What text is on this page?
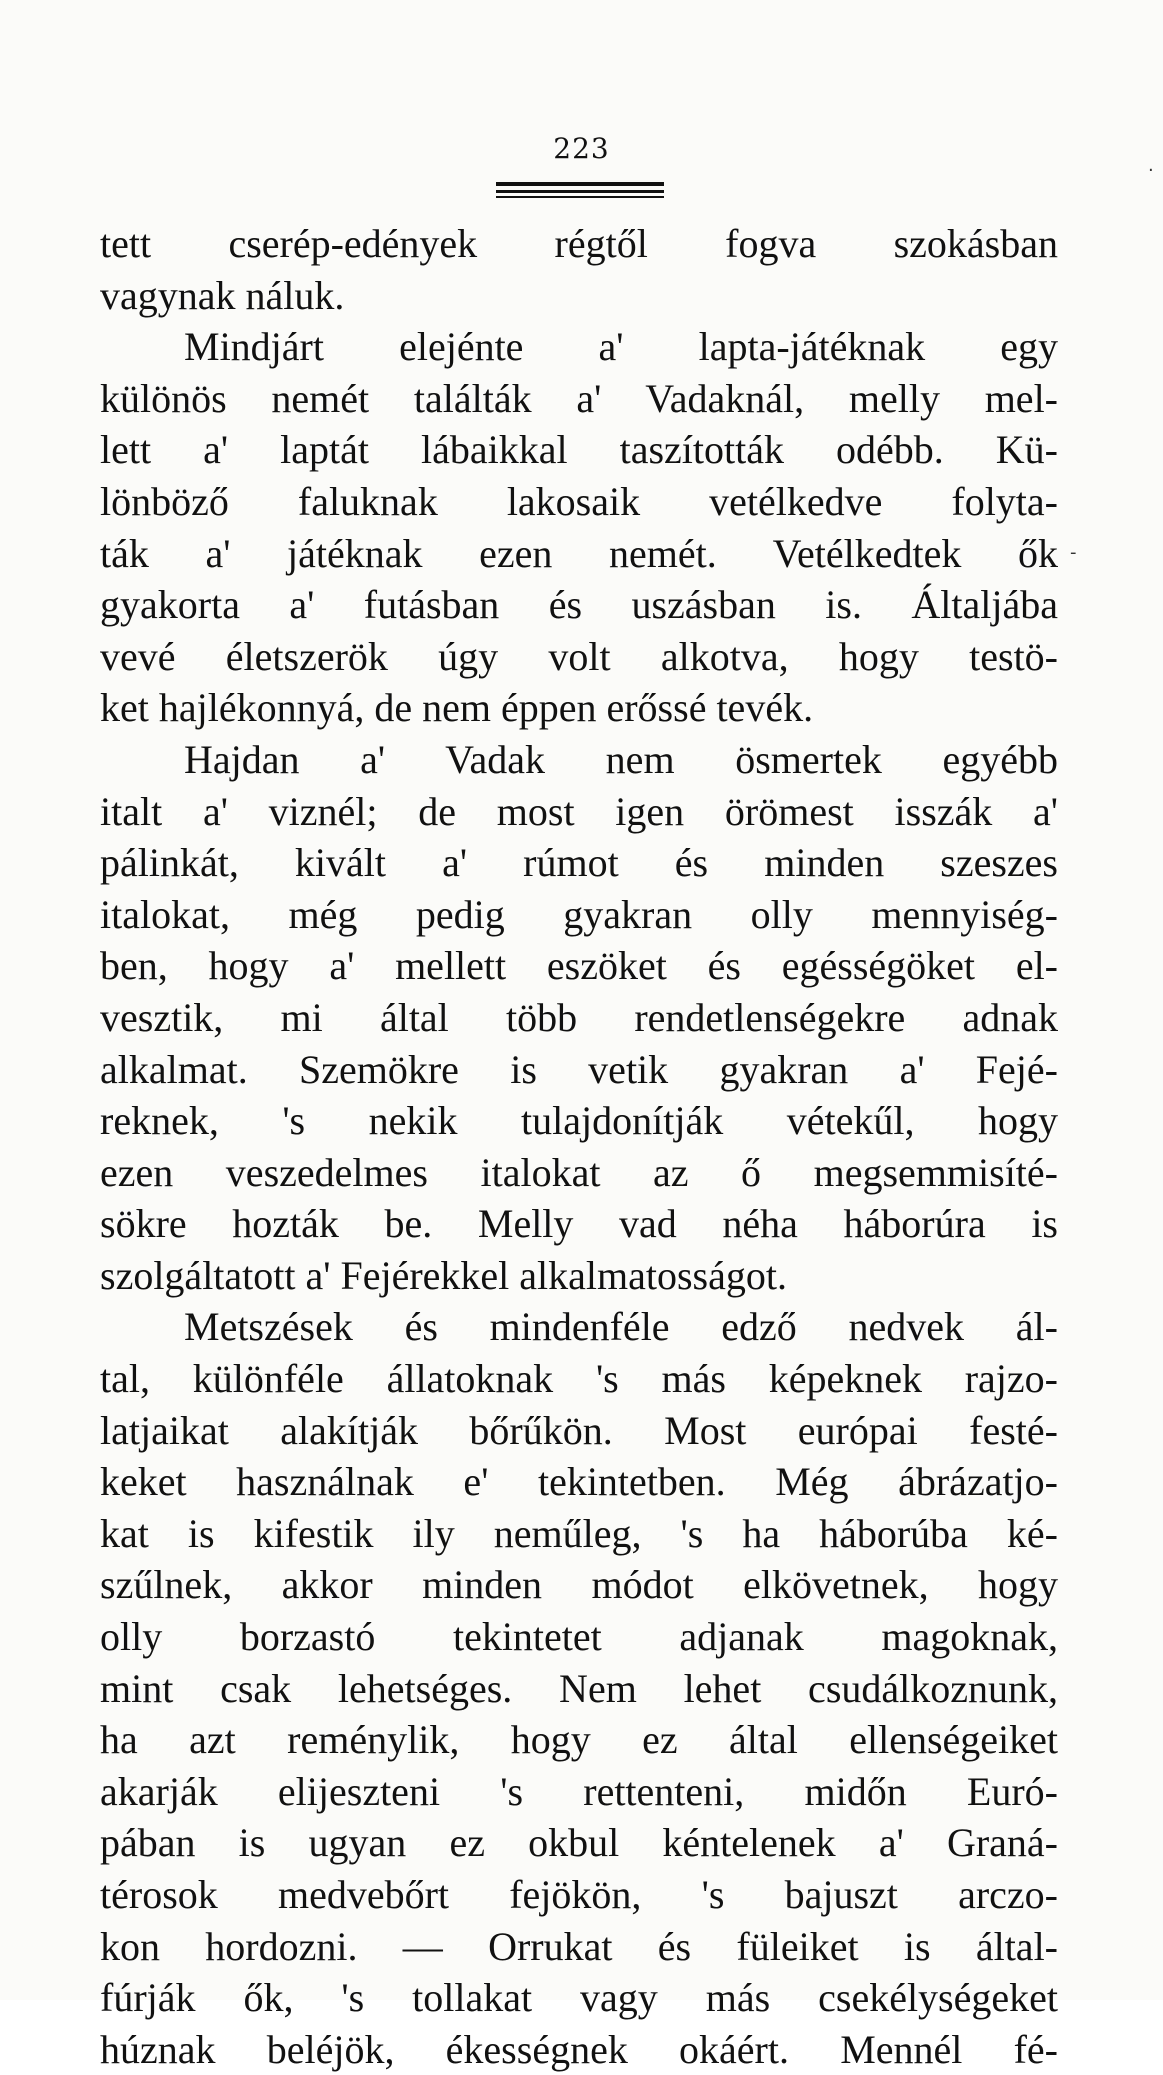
223
·
-
tett cserép-edények régtől fogva szokásban
vagynak náluk.
Mindjárt elejénte a' lapta-játéknak egy
különös nemét találták a' Vadaknál, melly mel-
lett a' laptát lábaikkal taszították odébb. Kü-
lönböző faluknak lakosaik vetélkedve folyta-
ták a' játéknak ezen nemét. Vetélkedtek ők
gyakorta a' futásban és uszásban is. Általjába
vevé életszerök úgy volt alkotva, hogy testö-
ket hajlékonnyá, de nem éppen erőssé tevék.
Hajdan a' Vadak nem ösmertek egyébb
italt a' viznél; de most igen örömest isszák a'
pálinkát, kivált a' rúmot és minden szeszes
italokat, még pedig gyakran olly mennyiség-
ben, hogy a' mellett eszöket és egésségöket el-
vesztik, mi által több rendetlenségekre adnak
alkalmat. Szemökre is vetik gyakran a' Fejé-
reknek, 's nekik tulajdonítják vétekűl, hogy
ezen veszedelmes italokat az ő megsemmisíté-
sökre hozták be. Melly vad néha háborúra is
szolgáltatott a' Fejérekkel alkalmatosságot.
Metszések és mindenféle edző nedvek ál-
tal, különféle állatoknak 's más képeknek rajzo-
latjaikat alakítják bőrűkön. Most európai festé-
keket használnak e' tekintetben. Még ábrázatjo-
kat is kifestik ily neműleg, 's ha háborúba ké-
szűlnek, akkor minden módot elkövetnek, hogy
olly borzastó tekintetet adjanak magoknak,
mint csak lehetséges. Nem lehet csudálkoznunk,
ha azt reménylik, hogy ez által ellenségeiket
akarják elijeszteni 's rettenteni, midőn Euró-
pában is ugyan ez okbul kéntelenek a' Graná-
térosok medvebőrt fejökön, 's bajuszt arczo-
kon hordozni. — Orrukat és füleiket is által-
fúrják ők, 's tollakat vagy más csekélységeket
húznak beléjök, ékességnek okáért. Mennél fé-
